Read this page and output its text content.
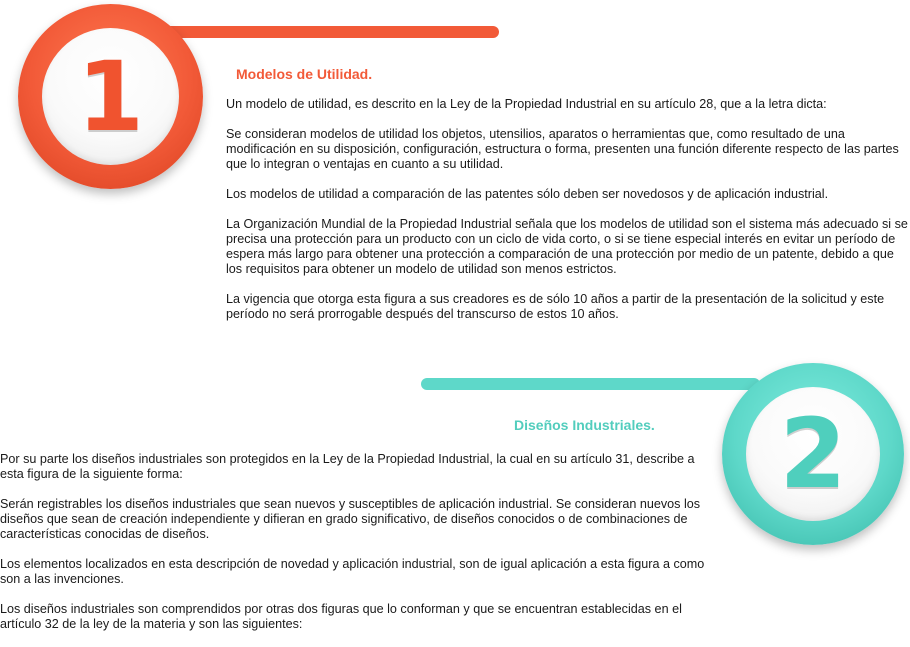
1	Modelos de Utilidad.

Un modelo de utilidad, es descrito en la Ley de la Propiedad Industrial en su artículo 28, que a la letra dicta:

Se consideran modelos de utilidad los objetos, utensilios, aparatos o herramientas que, como resultado de una modificación en su disposición, configuración, estructura o forma, presenten una función diferente respecto de las partes que lo integran o ventajas en cuanto a su utilidad.

Los modelos de utilidad a comparación de las patentes sólo deben ser novedosos y de aplicación industrial.

La Organización Mundial de la Propiedad Industrial señala que los modelos de utilidad son el sistema más adecuado si se precisa una protección para un producto con un ciclo de vida corto, o si se tiene especial interés en evitar un período de espera más largo para obtener una protección a comparación de una protección por medio de un patente, debido a que los requisitos para obtener un modelo de utilidad son menos estrictos.

La vigencia que otorga esta figura a sus creadores es de sólo 10 años a partir de la presentación de la solicitud y este período no será prorrogable después del transcurso de estos 10 años.

2
Diseños Industriales.

Por su parte los diseños industriales son protegidos en la Ley de la Propiedad Industrial, la cual en su artículo 31, describe a esta figura de la siguiente forma:

Serán registrables los diseños industriales que sean nuevos y susceptibles de aplicación industrial. Se consideran nuevos los diseños que sean de creación independiente y difieran en grado significativo, de diseños conocidos o de combinaciones de características conocidas de diseños.

Los elementos localizados en esta descripción de novedad y aplicación industrial, son de igual aplicación a esta figura a como son a las invenciones.

Los diseños industriales son comprendidos por otras dos figuras que lo conforman y que se encuentran establecidas en el artículo 32 de la ley de la materia y son las siguientes:
